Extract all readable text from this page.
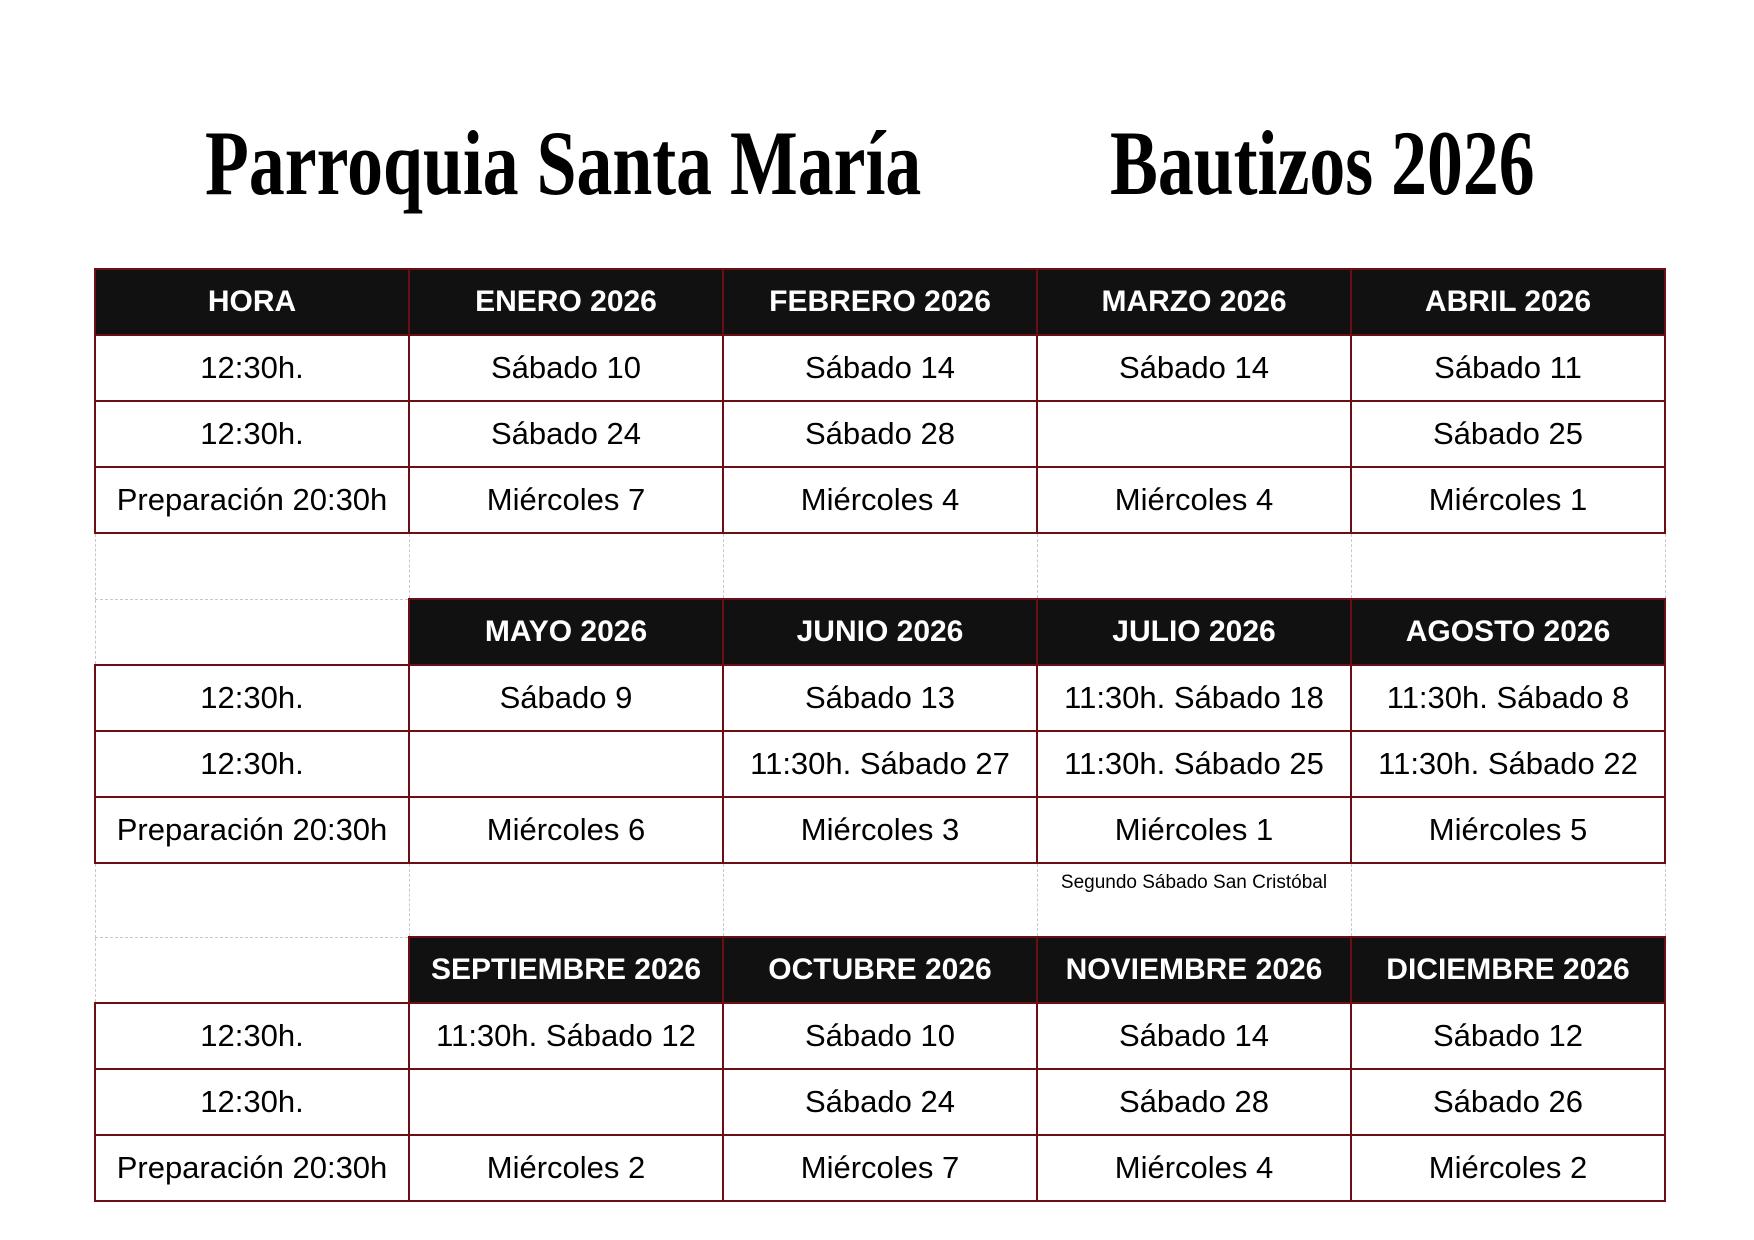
Parroquia Santa María Bautizos 2026
HORA	ENERO 2026	FEBRERO 2026	MARZO 2026	ABRIL 2026
12:30h.	Sábado 10	Sábado 14	Sábado 14	Sábado 11
12:30h.	Sábado 24	Sábado 28		Sábado 25
Preparación 20:30h	Miércoles 7	Miércoles 4	Miércoles 4	Miércoles 1

	MAYO 2026	JUNIO 2026	JULIO 2026	AGOSTO 2026
12:30h.	Sábado 9	Sábado 13	11:30h. Sábado 18	11:30h. Sábado 8
12:30h.		11:30h. Sábado 27	11:30h. Sábado 25	11:30h. Sábado 22
Preparación 20:30h	Miércoles 6	Miércoles 3	Miércoles 1	Miércoles 5
			Segundo Sábado San Cristóbal	
	SEPTIEMBRE 2026	OCTUBRE 2026	NOVIEMBRE 2026	DICIEMBRE 2026
12:30h.	11:30h. Sábado 12	Sábado 10	Sábado 14	Sábado 12
12:30h.		Sábado 24	Sábado 28	Sábado 26
Preparación 20:30h	Miércoles 2	Miércoles 7	Miércoles 4	Miércoles 2
